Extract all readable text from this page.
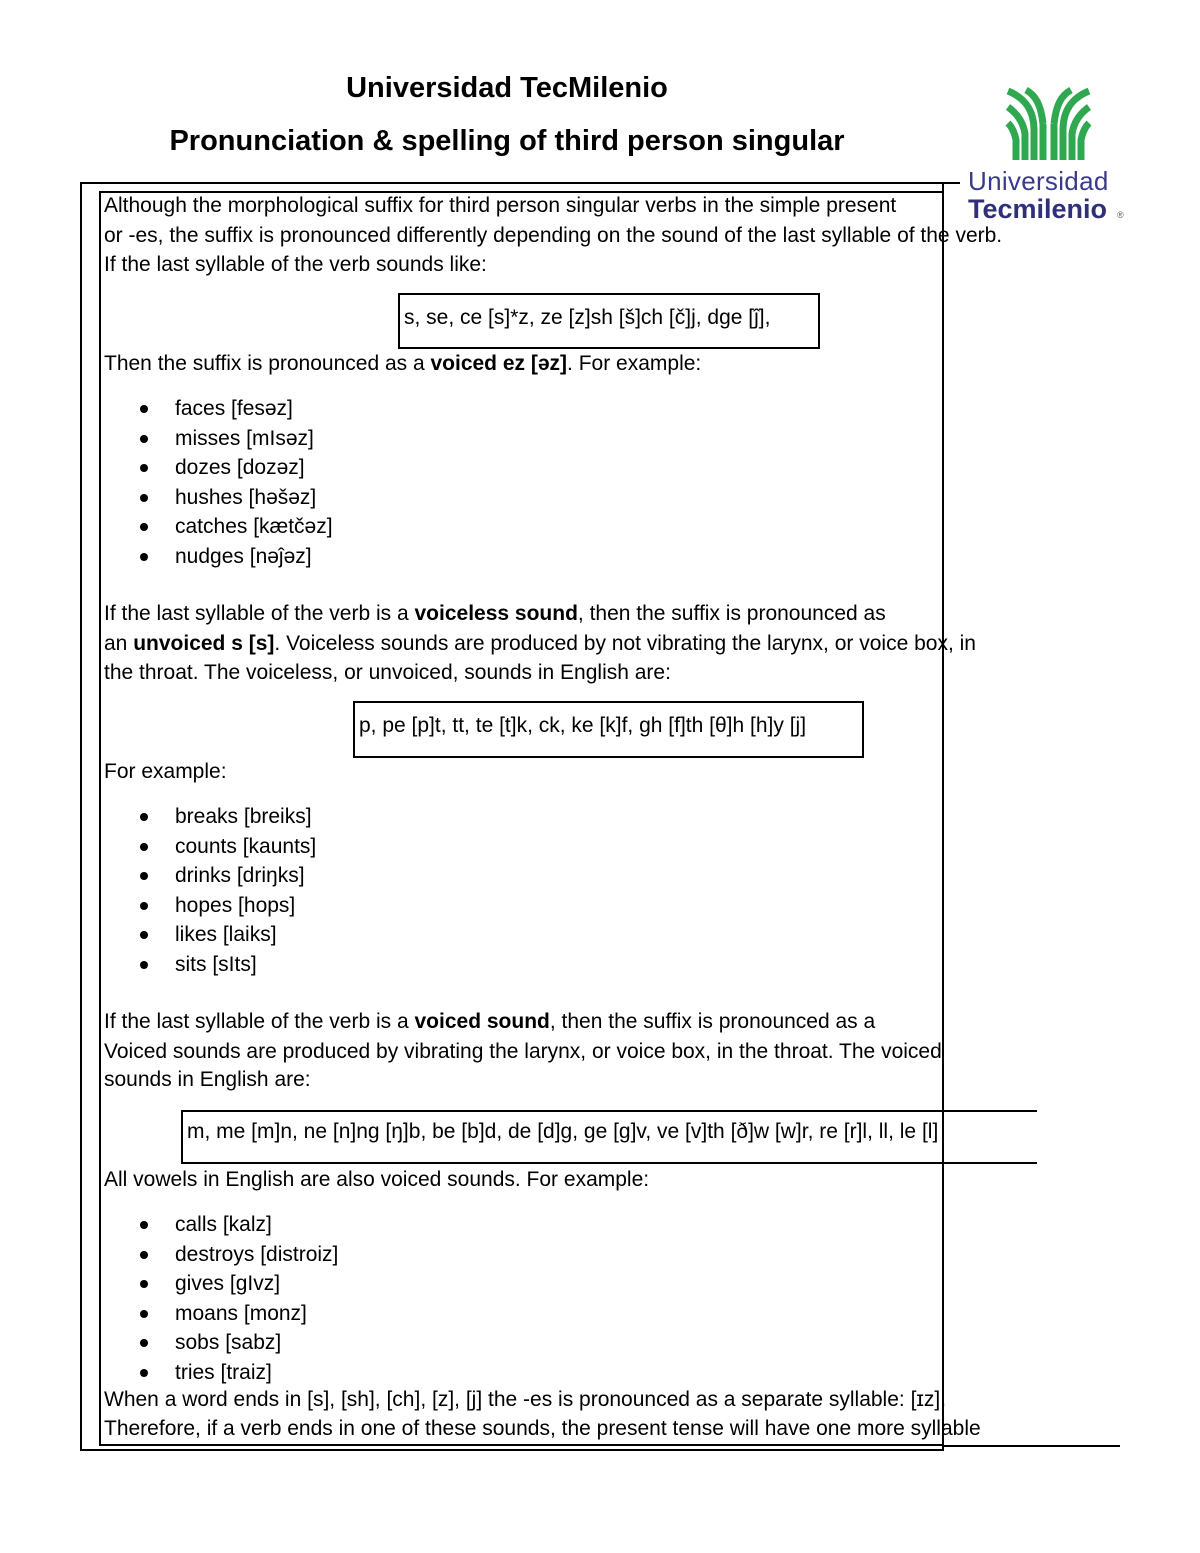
Universidad TecMilenio
Pronunciation & spelling of third person singular
Universidad
Tecmilenio ®
Although the morphological suffix for third person singular verbs in the simple present
or -es, the suffix is pronounced differently depending on the sound of the last syllable of the verb.
If the last syllable of the verb sounds like:
s, se, ce [s]*z, ze [z]sh [š]ch [č]j, dge [ĵ],
Then the suffix is pronounced as a voiced ez [əz]. For example:
faces [fesəz]
misses [mIsəz]
dozes [dozəz]
hushes [həšəz]
catches [kætčəz]
nudges [nəĵəz]
If the last syllable of the verb is a voiceless sound, then the suffix is pronounced as
an unvoiced s [s]. Voiceless sounds are produced by not vibrating the larynx, or voice box, in
the throat. The voiceless, or unvoiced, sounds in English are:
p, pe [p]t, tt, te [t]k, ck, ke [k]f, gh [f]th [θ]h [h]y [j]
For example:
breaks [breiks]
counts [kaunts]
drinks [driŋks]
hopes [hops]
likes [laiks]
sits [sIts]
If the last syllable of the verb is a voiced sound, then the suffix is pronounced as a
Voiced sounds are produced by vibrating the larynx, or voice box, in the throat. The voiced
sounds in English are:
m, me [m]n, ne [n]ng [ŋ]b, be [b]d, de [d]g, ge [g]v, ve [v]th [ð]w [w]r, re [r]l, ll, le [l]
All vowels in English are also voiced sounds. For example:
calls [kalz]
destroys [distroiz]
gives [gIvz]
moans [monz]
sobs [sabz]
tries [traiz]
When a word ends in [s], [sh], [ch], [z], [j] the -es is pronounced as a separate syllable: [ɪz].
Therefore, if a verb ends in one of these sounds, the present tense will have one more syllable
